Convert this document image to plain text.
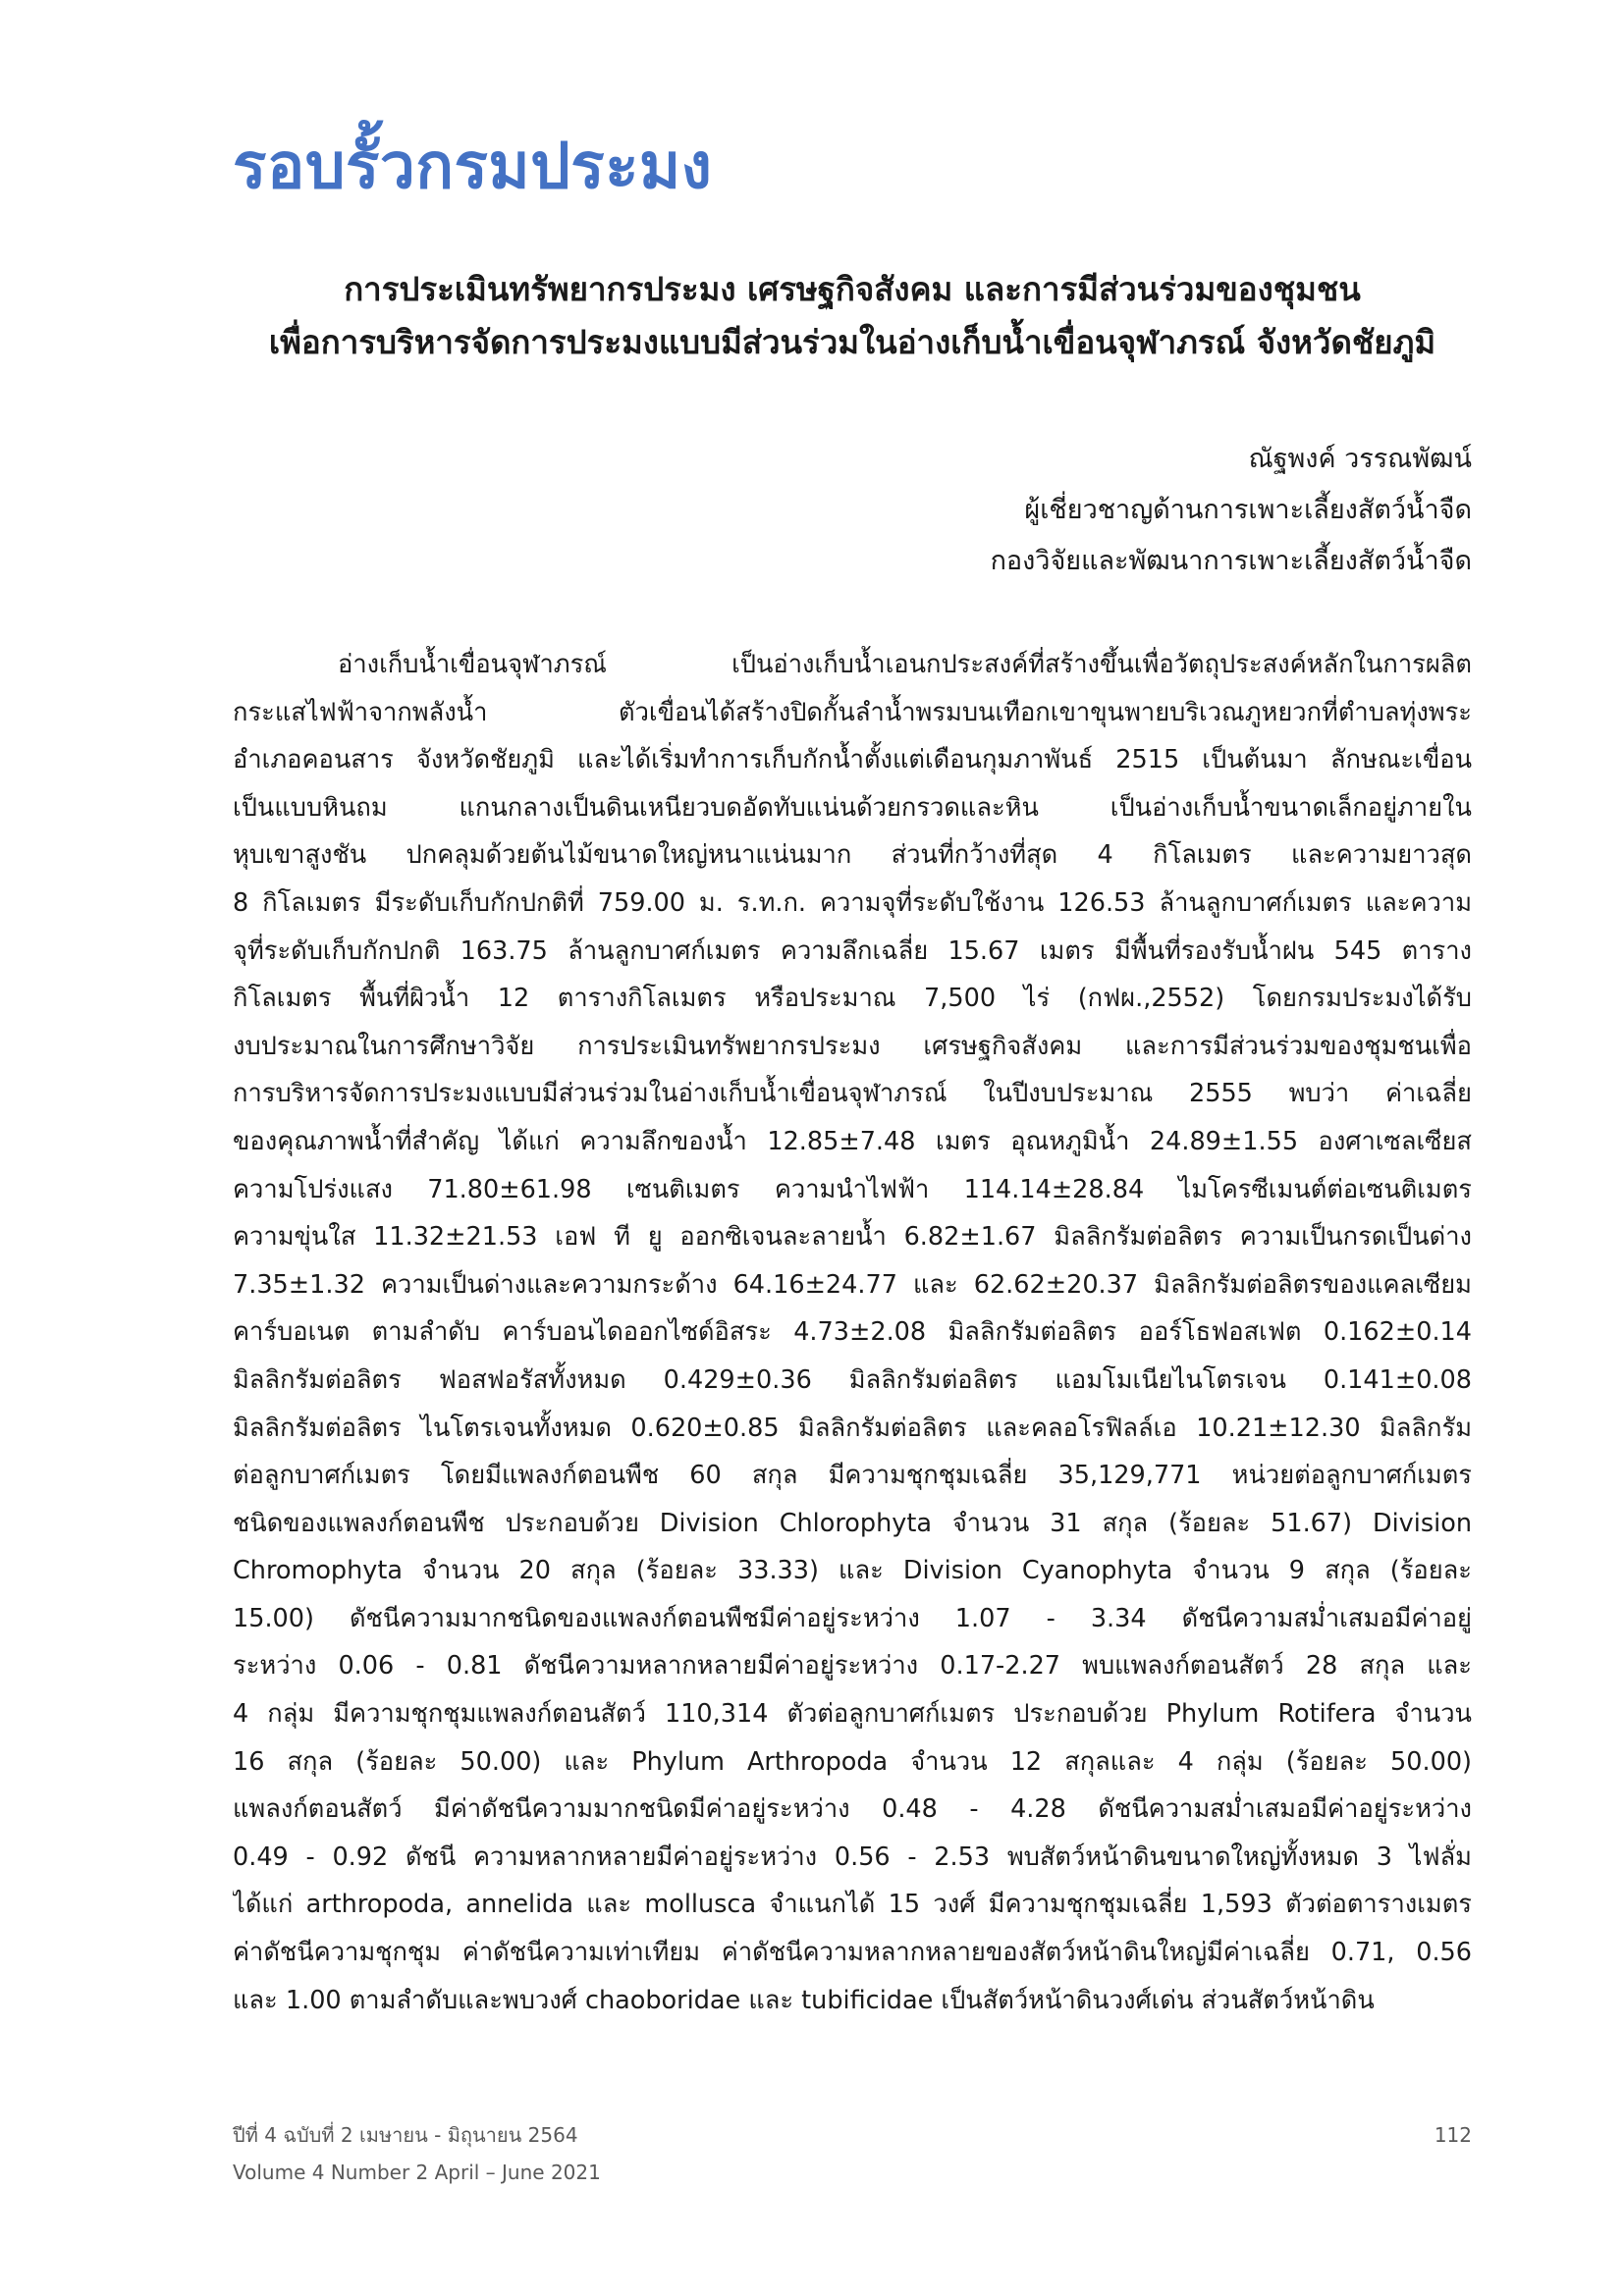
รอบรั้วกรมประมง
การประเมินทรัพยากรประมง เศรษฐกิจสังคม และการมีส่วนร่วมของชุมชน
เพื่อการบริหารจัดการประมงแบบมีส่วนร่วมในอ่างเก็บน้ำเขื่อนจุฬาภรณ์ จังหวัดชัยภูมิ
ณัฐพงค์ วรรณพัฒน์
ผู้เชี่ยวชาญด้านการเพาะเลี้ยงสัตว์น้ำจืด
กองวิจัยและพัฒนาการเพาะเลี้ยงสัตว์น้ำจืด
อ่างเก็บน้ำเขื่อนจุฬาภรณ์ เป็นอ่างเก็บน้ำเอนกประสงค์ที่สร้างขึ้นเพื่อวัตถุประสงค์หลักในการผลิต
กระแสไฟฟ้าจากพลังน้ำ ตัวเขื่อนได้สร้างปิดกั้นลำน้ำพรมบนเทือกเขาขุนพายบริเวณภูหยวกที่ตำบลทุ่งพระ
อำเภอคอนสาร จังหวัดชัยภูมิ และได้เริ่มทำการเก็บกักน้ำตั้งแต่เดือนกุมภาพันธ์ 2515 เป็นต้นมา ลักษณะเขื่อน
เป็นแบบหินถม แกนกลางเป็นดินเหนียวบดอัดทับแน่นด้วยกรวดและหิน เป็นอ่างเก็บน้ำขนาดเล็กอยู่ภายใน
หุบเขาสูงชัน ปกคลุมด้วยต้นไม้ขนาดใหญ่หนาแน่นมาก ส่วนที่กว้างที่สุด 4 กิโลเมตร และความยาวสุด
8 กิโลเมตร มีระดับเก็บกักปกติที่ 759.00 ม. ร.ท.ก. ความจุที่ระดับใช้งาน 126.53 ล้านลูกบาศก์เมตร และความ
จุที่ระดับเก็บกักปกติ 163.75 ล้านลูกบาศก์เมตร ความลึกเฉลี่ย 15.67 เมตร มีพื้นที่รองรับน้ำฝน 545 ตาราง
กิโลเมตร พื้นที่ผิวน้ำ 12 ตารางกิโลเมตร หรือประมาณ 7,500 ไร่ (กฟผ.,2552) โดยกรมประมงได้รับ
งบประมาณในการศึกษาวิจัย การประเมินทรัพยากรประมง เศรษฐกิจสังคม และการมีส่วนร่วมของชุมชนเพื่อ
การบริหารจัดการประมงแบบมีส่วนร่วมในอ่างเก็บน้ำเขื่อนจุฬาภรณ์ ในปีงบประมาณ 2555 พบว่า ค่าเฉลี่ย
ของคุณภาพน้ำที่สำคัญ ได้แก่ ความลึกของน้ำ 12.85±7.48 เมตร อุณหภูมิน้ำ 24.89±1.55 องศาเซลเซียส
ความโปร่งแสง 71.80±61.98 เซนติเมตร ความนำไฟฟ้า 114.14±28.84 ไมโครซีเมนต์ต่อเซนติเมตร
ความขุ่นใส 11.32±21.53 เอฟ ที ยู ออกซิเจนละลายน้ำ 6.82±1.67 มิลลิกรัมต่อลิตร ความเป็นกรดเป็นด่าง
7.35±1.32 ความเป็นด่างและความกระด้าง 64.16±24.77 และ 62.62±20.37 มิลลิกรัมต่อลิตรของแคลเซียม
คาร์บอเนต ตามลำดับ คาร์บอนไดออกไซด์อิสระ 4.73±2.08 มิลลิกรัมต่อลิตร ออร์โธฟอสเฟต 0.162±0.14
มิลลิกรัมต่อลิตร ฟอสฟอรัสทั้งหมด 0.429±0.36 มิลลิกรัมต่อลิตร แอมโมเนียไนโตรเจน 0.141±0.08
มิลลิกรัมต่อลิตร ไนโตรเจนทั้งหมด 0.620±0.85 มิลลิกรัมต่อลิตร และคลอโรฟิลล์เอ 10.21±12.30 มิลลิกรัม
ต่อลูกบาศก์เมตร โดยมีแพลงก์ตอนพืช 60 สกุล มีความชุกชุมเฉลี่ย 35,129,771 หน่วยต่อลูกบาศก์เมตร
ชนิดของแพลงก์ตอนพืช ประกอบด้วย Division Chlorophyta จำนวน 31 สกุล (ร้อยละ 51.67) Division
Chromophyta จำนวน 20 สกุล (ร้อยละ 33.33) และ Division Cyanophyta จำนวน 9 สกุล (ร้อยละ
15.00) ดัชนีความมากชนิดของแพลงก์ตอนพืชมีค่าอยู่ระหว่าง 1.07 - 3.34 ดัชนีความสม่ำเสมอมีค่าอยู่
ระหว่าง 0.06 - 0.81 ดัชนีความหลากหลายมีค่าอยู่ระหว่าง 0.17-2.27 พบแพลงก์ตอนสัตว์ 28 สกุล และ
4 กลุ่ม มีความชุกชุมแพลงก์ตอนสัตว์ 110,314 ตัวต่อลูกบาศก์เมตร ประกอบด้วย Phylum Rotifera จำนวน
16 สกุล (ร้อยละ 50.00) และ Phylum Arthropoda จำนวน 12 สกุลและ 4 กลุ่ม (ร้อยละ 50.00)
แพลงก์ตอนสัตว์ มีค่าดัชนีความมากชนิดมีค่าอยู่ระหว่าง 0.48 - 4.28 ดัชนีความสม่ำเสมอมีค่าอยู่ระหว่าง
0.49 - 0.92 ดัชนี ความหลากหลายมีค่าอยู่ระหว่าง 0.56 - 2.53 พบสัตว์หน้าดินขนาดใหญ่ทั้งหมด 3 ไฟลั่ม
ได้แก่ arthropoda, annelida และ mollusca จำแนกได้ 15 วงศ์ มีความชุกชุมเฉลี่ย 1,593 ตัวต่อตารางเมตร
ค่าดัชนีความชุกชุม ค่าดัชนีความเท่าเทียม ค่าดัชนีความหลากหลายของสัตว์หน้าดินใหญ่มีค่าเฉลี่ย 0.71, 0.56
และ 1.00 ตามลำดับและพบวงศ์ chaoboridae และ tubificidae เป็นสัตว์หน้าดินวงศ์เด่น ส่วนสัตว์หน้าดิน
ปีที่ 4 ฉบับที่ 2 เมษายน - มิถุนายน 2564
Volume 4 Number 2 April – June 2021
112
